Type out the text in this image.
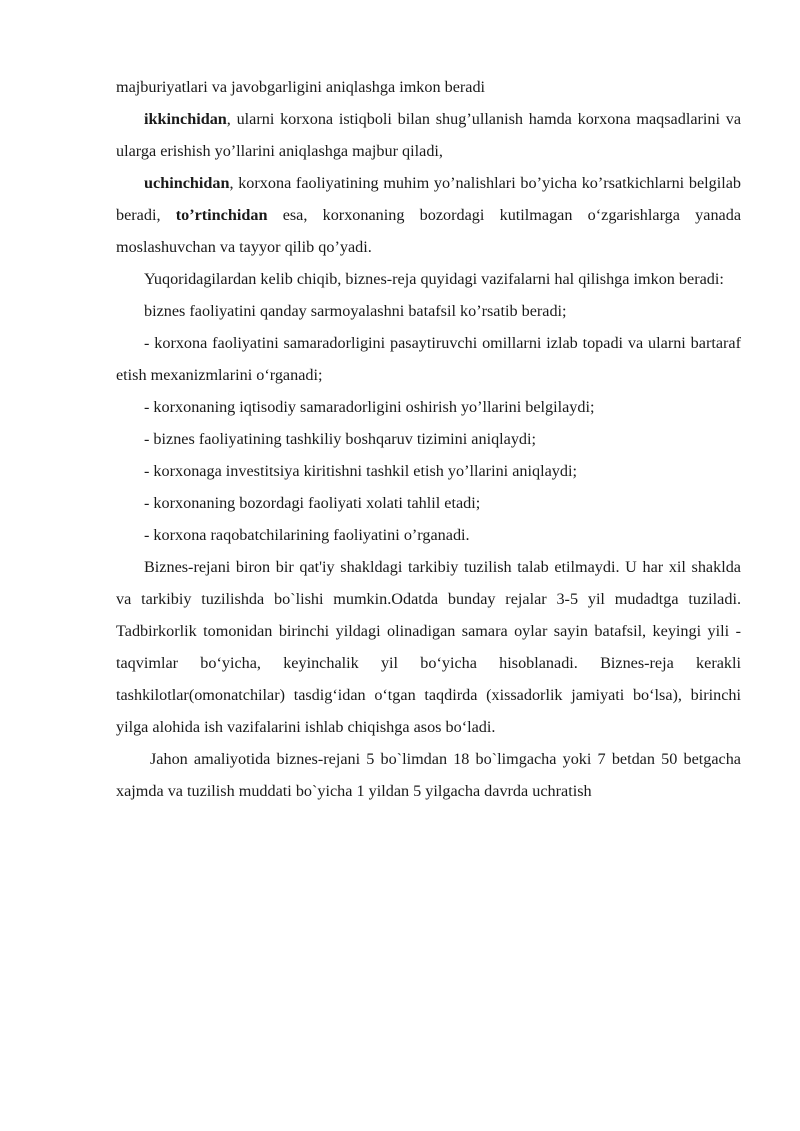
majburiyatlari va javobgarligini aniqlashga imkon beradi

ikkinchidan, ularni korxona istiqboli bilan shug’ullanish hamda korxona maqsadlarini va ularga erishish yo’llarini aniqlashga majbur qiladi,

uchinchidan, korxona faoliyatining muhim yo’nalishlari bo’yicha ko’rsatkichlarni belgilab beradi, to’rtinchidan esa, korxonaning bozordagi kutilmagan o‘zgarishlarga yanada moslashuvchan va tayyor qilib qo’yadi.

Yuqoridagilardan kelib chiqib, biznes-reja quyidagi vazifalarni hal qilishga imkon beradi:

biznes faoliyatini qanday sarmoyalashni batafsil ko’rsatib beradi;

- korxona faoliyatini samaradorligini pasaytiruvchi omillarni izlab topadi va ularni bartaraf etish mexanizmlarini o‘rganadi;

- korxonaning iqtisodiy samaradorligini oshirish yo’llarini belgilaydi;

- biznes faoliyatining tashkiliy boshqaruv tizimini aniqlaydi;

- korxonaga investitsiya kiritishni tashkil etish yo’llarini aniqlaydi;

- korxonaning bozordagi faoliyati xolati tahlil etadi;

- korxona raqobatchilarining faoliyatini o’rganadi.

Biznes-rejani biron bir qat'iy shakldagi tarkibiy tuzilish talab etilmaydi. U har xil shaklda va tarkibiy tuzilishda bo`lishi mumkin.Odatda bunday rejalar 3-5 yil mudadtga tuziladi. Tadbirkorlik tomonidan birinchi yildagi olinadigan samara oylar sayin batafsil, keyingi yili - taqvimlar bo‘yicha, keyinchalik yil bo‘yicha hisoblanadi. Biznes-reja kerakli tashkilotlar(omonatchilar) tasdig‘idan o‘tgan taqdirda (xissadorlik jamiyati bo‘lsa), birinchi yilga alohida ish vazifalarini ishlab chiqishga asos bo‘ladi.

Jahon amaliyotida biznes-rejani 5 bo`limdan 18 bo`limgacha yoki 7 betdan 50 betgacha xajmda va tuzilish muddati bo`yicha 1 yildan 5 yilgacha davrda uchratish
